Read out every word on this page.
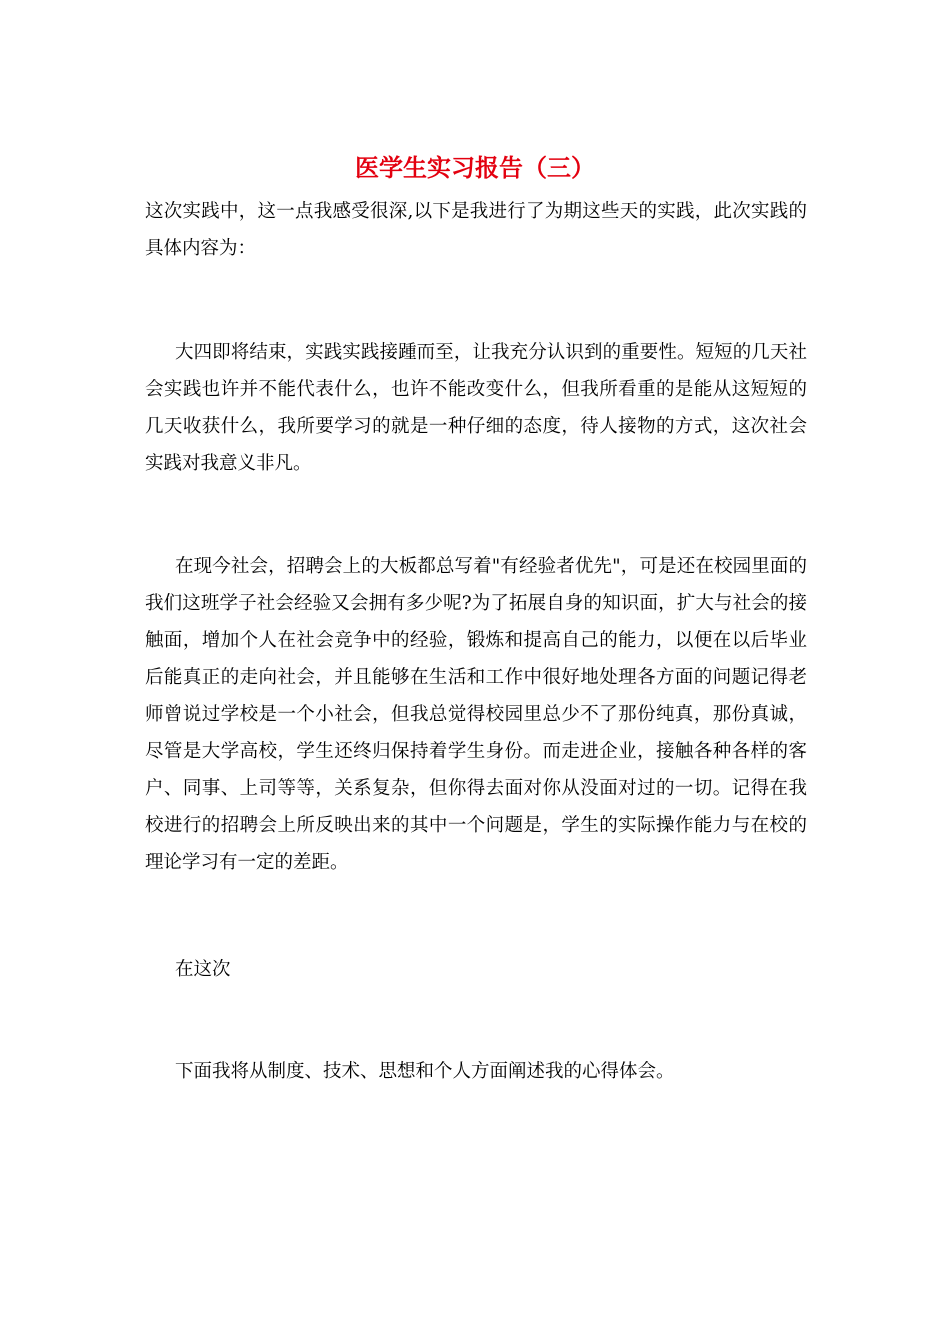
医学生实习报告（三）

这次实践中，这一点我感受很深,以下是我进行了为期这些天的实践，此次实践的具体内容为：

大四即将结束，实践实践接踵而至，让我充分认识到的重要性。短短的几天社会实践也许并不能代表什么，也许不能改变什么，但我所看重的是能从这短短的几天收获什么，我所要学习的就是一种仔细的态度，待人接物的方式，这次社会实践对我意义非凡。

在现今社会，招聘会上的大板都总写着"有经验者优先"，可是还在校园里面的我们这班学子社会经验又会拥有多少呢?为了拓展自身的知识面，扩大与社会的接触面，增加个人在社会竞争中的经验，锻炼和提高自己的能力，以便在以后毕业后能真正的走向社会，并且能够在生活和工作中很好地处理各方面的问题记得老师曾说过学校是一个小社会，但我总觉得校园里总少不了那份纯真，那份真诚，尽管是大学高校，学生还终归保持着学生身份。而走进企业，接触各种各样的客户、同事、上司等等，关系复杂，但你得去面对你从没面对过的一切。记得在我校进行的招聘会上所反映出来的其中一个问题是，学生的实际操作能力与在校的理论学习有一定的差距。

在这次

下面我将从制度、技术、思想和个人方面阐述我的心得体会。
